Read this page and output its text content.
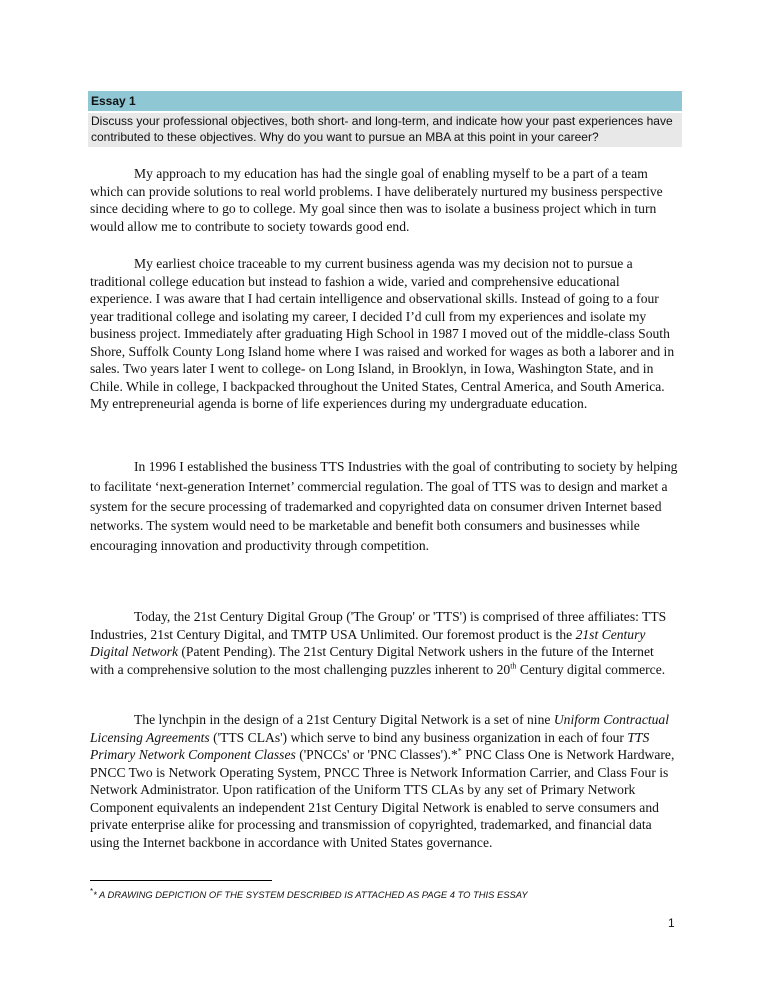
Essay 1
Discuss your professional objectives, both short- and long-term, and indicate how your past experiences have contributed to these objectives. Why do you want to pursue an MBA at this point in your career?

My approach to my education has had the single goal of enabling myself to be a part of a team which can provide solutions to real world problems. I have deliberately nurtured my business perspective since deciding where to go to college. My goal since then was to isolate a business project which in turn would allow me to contribute to society towards good end.

My earliest choice traceable to my current business agenda was my decision not to pursue a traditional college education but instead to fashion a wide, varied and comprehensive educational experience. I was aware that I had certain intelligence and observational skills. Instead of going to a four year traditional college and isolating my career, I decided I’d cull from my experiences and isolate my business project. Immediately after graduating High School in 1987 I moved out of the middle-class South Shore, Suffolk County Long Island home where I was raised and worked for wages as both a laborer and in sales. Two years later I went to college- on Long Island, in Brooklyn, in Iowa, Washington State, and in Chile. While in college, I backpacked throughout the United States, Central America, and South America. My entrepreneurial agenda is borne of life experiences during my undergraduate education.

In 1996 I established the business TTS Industries with the goal of contributing to society by helping to facilitate ‘next-generation Internet’ commercial regulation. The goal of TTS was to design and market a system for the secure processing of trademarked and copyrighted data on consumer driven Internet based networks. The system would need to be marketable and benefit both consumers and businesses while encouraging innovation and productivity through competition.

Today, the 21st Century Digital Group ('The Group' or 'TTS') is comprised of three affiliates: TTS Industries, 21st Century Digital, and TMTP USA Unlimited. Our foremost product is the 21st Century Digital Network (Patent Pending). The 21st Century Digital Network ushers in the future of the Internet with a comprehensive solution to the most challenging puzzles inherent to 20th Century digital commerce.

The lynchpin in the design of a 21st Century Digital Network is a set of nine Uniform Contractual Licensing Agreements ('TTS CLAs') which serve to bind any business organization in each of four TTS Primary Network Component Classes ('PNCCs' or 'PNC Classes').** PNC Class One is Network Hardware, PNCC Two is Network Operating System, PNCC Three is Network Information Carrier, and Class Four is Network Administrator. Upon ratification of the Uniform TTS CLAs by any set of Primary Network Component equivalents an independent 21st Century Digital Network is enabled to serve consumers and private enterprise alike for processing and transmission of copyrighted, trademarked, and financial data using the Internet backbone in accordance with United States governance.

** A DRAWING DEPICTION OF THE SYSTEM DESCRIBED IS ATTACHED AS PAGE 4 TO THIS ESSAY
1
